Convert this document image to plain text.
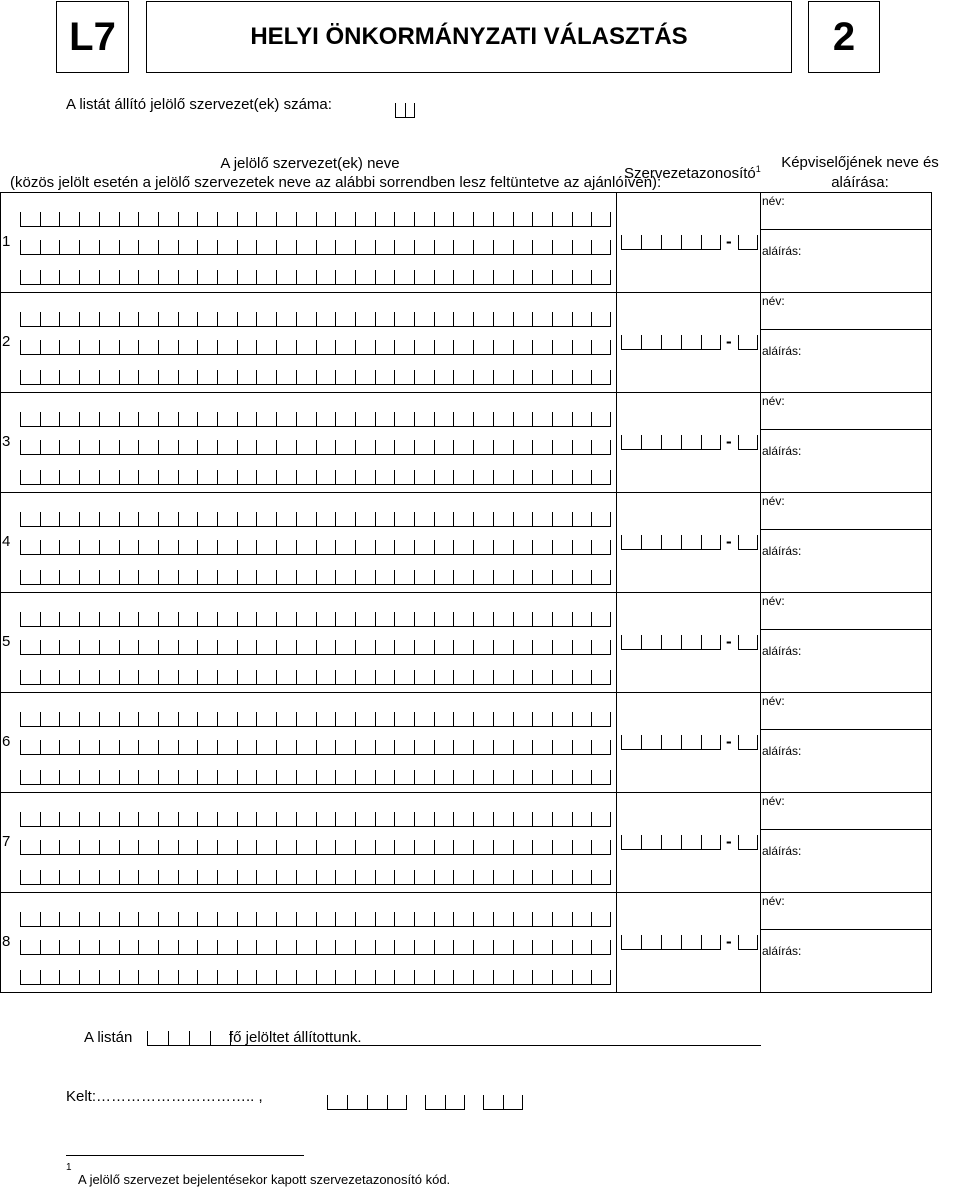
L7	HELYI ÖNKORMÁNYZATI VÁLASZTÁS	2
A listát állító jelölő szervezet(ek) száma:
A jelölő szervezet(ek) neve
(közös jelölt esetén a jelölő szervezetek neve az alábbi sorrendben lesz feltüntetve az ajánlóíven):
Szervezetazonosító$^1$	Képviselőjének neve és
aláírása:
1	-
név:
aláírás:
2	-
név:
aláírás:
3	-
név:
aláírás:
4	-
név:
aláírás:
5	-
név:
aláírás:
6	-
név:
aláírás:
7	-
név:
aláírás:
8	-
név:
aláírás:
A listán	fő jelöltet állítottunk.
Kelt:………………………….. ,
1
A jelölő szervezet bejelentésekor kapott szervezetazonosító kód.
